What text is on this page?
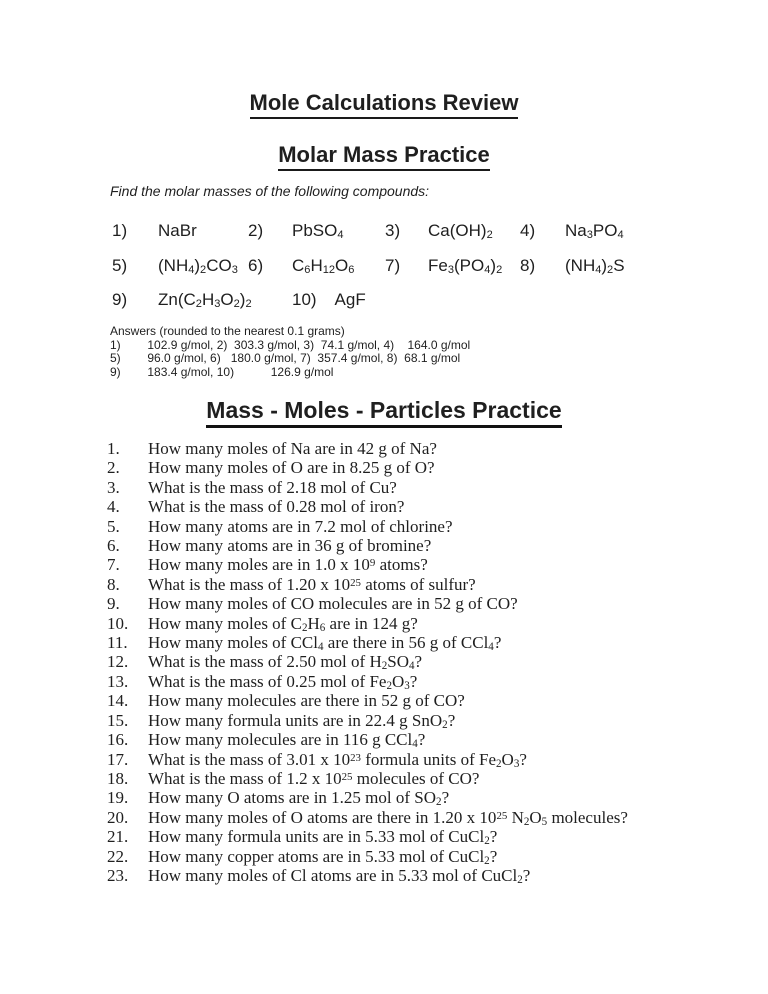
Mole Calculations Review
Molar Mass Practice
Find the molar masses of the following compounds:
1)	NaBr	2)	PbSO$_4$	3)	$Ca(OH)_2$	4)	$Na_3PO_4$
5)	$(NH_4)_2CO_3$ 6)	$C_6H_{12}O_6$	7)	$Fe_3(PO_4)_2$	8)	$(NH_4)_2S$
9)	$Zn(C_2H_3O_2)_2$ 10)    AgF
Answers (rounded to the nearest 0.1 grams)
1)        102.9 g/mol, 2)  303.3 g/mol, 3)  74.1 g/mol, 4)    164.0 g/mol
5)        96.0 g/mol, 6)   180.0 g/mol, 7)  357.4 g/mol, 8)  68.1 g/mol
9)        183.4 g/mol, 10)           126.9 g/mol
Mass - Moles - Particles Practice
1.	How many moles of Na are in 42 g of Na?
2.	How many moles of O are in 8.25 g of O?
3.	What is the mass of 2.18 mol of Cu?
4.	What is the mass of 0.28 mol of iron?
5.	How many atoms are in 7.2 mol of chlorine?
6.	How many atoms are in 36 g of bromine?
7.	How many moles are in 1.0 x $10^9$ atoms?
8.	What is the mass of 1.20 x $10^{25}$ atoms of sulfur?
9.	How many moles of CO molecules are in 52 g of CO?
10.	How many moles of $C_2H_6$ are in 124 g?
11.	How many moles of CCl$_4$ are there in 56 g of CCl$_4$?
12.	What is the mass of 2.50 mol of $H_2SO_4$?
13.	What is the mass of 0.25 mol of $Fe_2O_3$?
14.	How many molecules are there in 52 g of CO?
15.	How many formula units are in 22.4 g SnO$_2$?
16.	How many molecules are in 116 g CCl$_4$?
17.	What is the mass of 3.01 x $10^{23}$ formula units of $Fe_2O_3$?
18.	What is the mass of 1.2 x $10^{25}$ molecules of CO?
19.	How many O atoms are in 1.25 mol of $SO_2$?
20.	How many moles of O atoms are there in 1.20 x $10^{25}$ $N_2O_5$ molecules?
21.	How many formula units are in 5.33 mol of CuCl$_2$?
22.	How many copper atoms are in 5.33 mol of CuCl$_2$?
23.	How many moles of Cl atoms are in 5.33 mol of CuCl$_2$?
